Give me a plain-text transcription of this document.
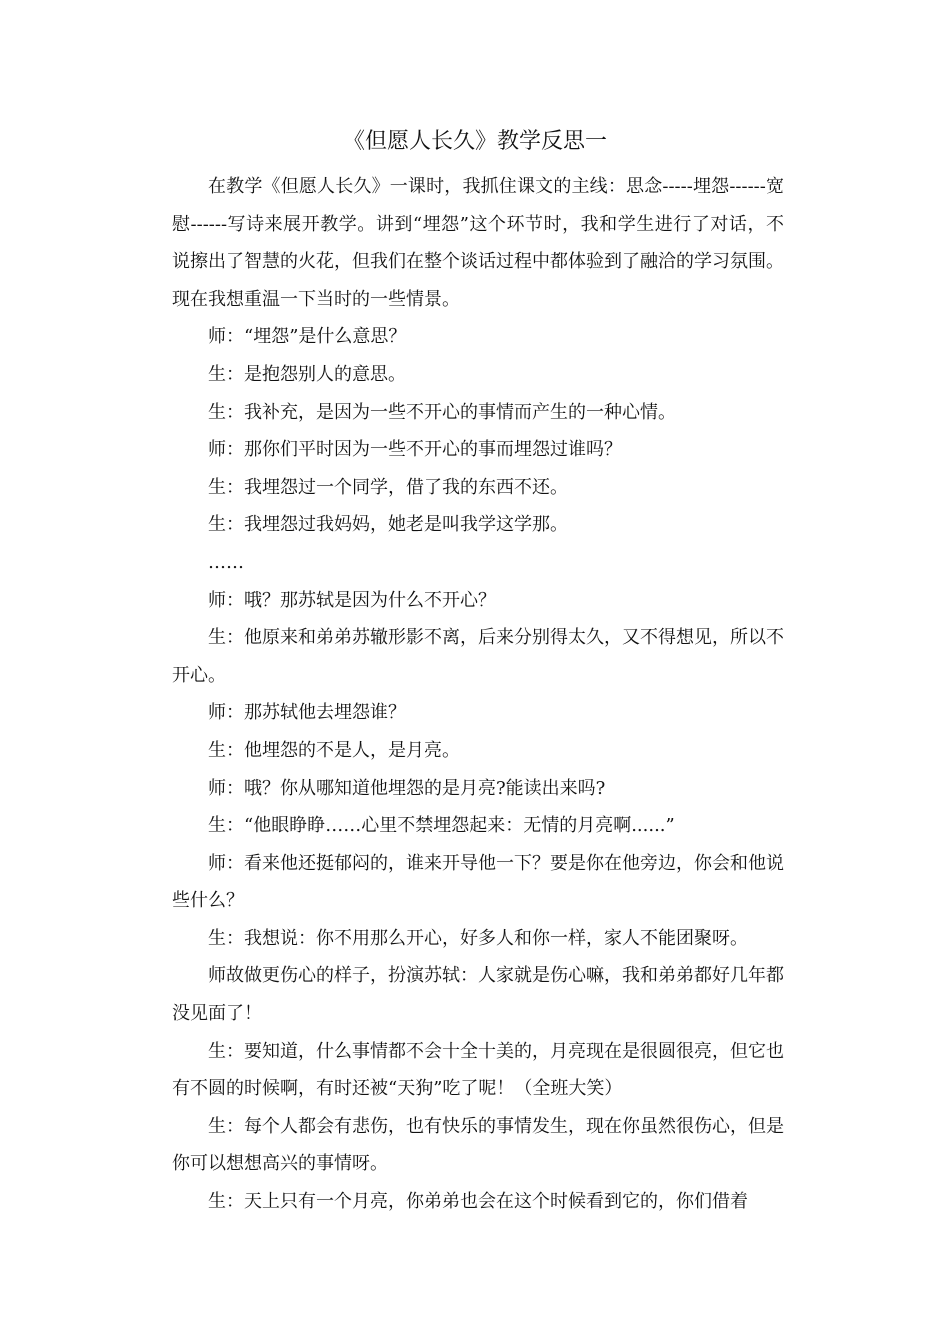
《但愿人长久》教学反思一

在教学《但愿人长久》一课时，我抓住课文的主线：思念-----埋怨------宽慰------写诗来展开教学。讲到“埋怨”这个环节时，我和学生进行了对话，不说擦出了智慧的火花，但我们在整个谈话过程中都体验到了融洽的学习氛围。现在我想重温一下当时的一些情景。

师：“埋怨”是什么意思？

生：是抱怨别人的意思。

生：我补充，是因为一些不开心的事情而产生的一种心情。

师：那你们平时因为一些不开心的事而埋怨过谁吗？

生：我埋怨过一个同学，借了我的东西不还。

生：我埋怨过我妈妈，她老是叫我学这学那。

……

师：哦？那苏轼是因为什么不开心？

生：他原来和弟弟苏辙形影不离，后来分别得太久，又不得想见，所以不开心。

师：那苏轼他去埋怨谁？

生：他埋怨的不是人，是月亮。

师：哦？你从哪知道他埋怨的是月亮?能读出来吗?

生：“他眼睁睁……心里不禁埋怨起来：无情的月亮啊......”

师：看来他还挺郁闷的，谁来开导他一下？要是你在他旁边，你会和他说些什么？

生：我想说：你不用那么开心，好多人和你一样，家人不能团聚呀。

师故做更伤心的样子，扮演苏轼：人家就是伤心嘛，我和弟弟都好几年都没见面了！

生：要知道，什么事情都不会十全十美的，月亮现在是很圆很亮，但它也有不圆的时候啊，有时还被“天狗”吃了呢！（全班大笑）

生：每个人都会有悲伤，也有快乐的事情发生，现在你虽然很伤心，但是你可以想想高兴的事情呀。

生：天上只有一个月亮，你弟弟也会在这个时候看到它的，你们借着
